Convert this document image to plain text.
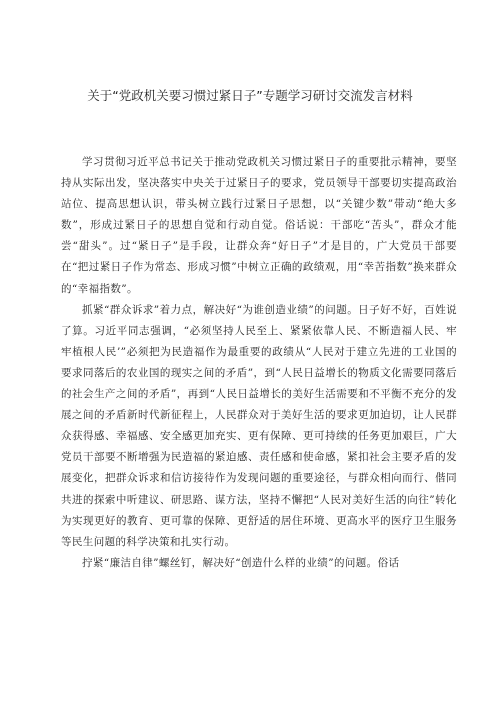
关于“党政机关要习惯过紧日子”专题学习研讨交流发言材料

学习贯彻习近平总书记关于推动党政机关习惯过紧日子的重要批示精神，要坚持从实际出发，坚决落实中央关于过紧日子的要求，党员领导干部要切实提高政治站位、提高思想认识，带头树立践行过紧日子思想，以“关键少数”带动“绝大多数”，形成过紧日子的思想自觉和行动自觉。俗话说：干部吃“苦头”，群众才能尝“甜头”。过“紧日子”是手段，让群众奔“好日子”才是目的，广大党员干部要在“把过紧日子作为常态、形成习惯”中树立正确的政绩观，用“幸苦指数”换来群众的“幸福指数”。

抓紧“群众诉求”着力点，解决好“为谁创造业绩”的问题。日子好不好，百姓说了算。习近平同志强调，“必须坚持人民至上、紧紧依靠人民、不断造福人民、牢牢植根人民’”必须把为民造福作为最重要的政绩从“人民对于建立先进的工业国的要求同落后的农业国的现实之间的矛盾”，到“人民日益增长的物质文化需要同落后的社会生产之间的矛盾”，再到“人民日益增长的美好生活需要和不平衡不充分的发展之间的矛盾新时代新征程上，人民群众对于美好生活的要求更加迫切，让人民群众获得感、幸福感、安全感更加充实、更有保障、更可持续的任务更加艰巨，广大党员干部要不断增强为民造福的紧迫感、责任感和使命感，紧扣社会主要矛盾的发展变化，把群众诉求和信访接待作为发现问题的重要途径，与群众相向而行、偕同共进的探索中听建议、研思路、谋方法，坚持不懈把“人民对美好生活的向往”转化为实现更好的教育、更可靠的保障、更舒适的居住环境、更高水平的医疗卫生服务等民生问题的科学决策和扎实行动。

拧紧“廉洁自律”螺丝钉，解决好“创造什么样的业绩”的问题。俗话
